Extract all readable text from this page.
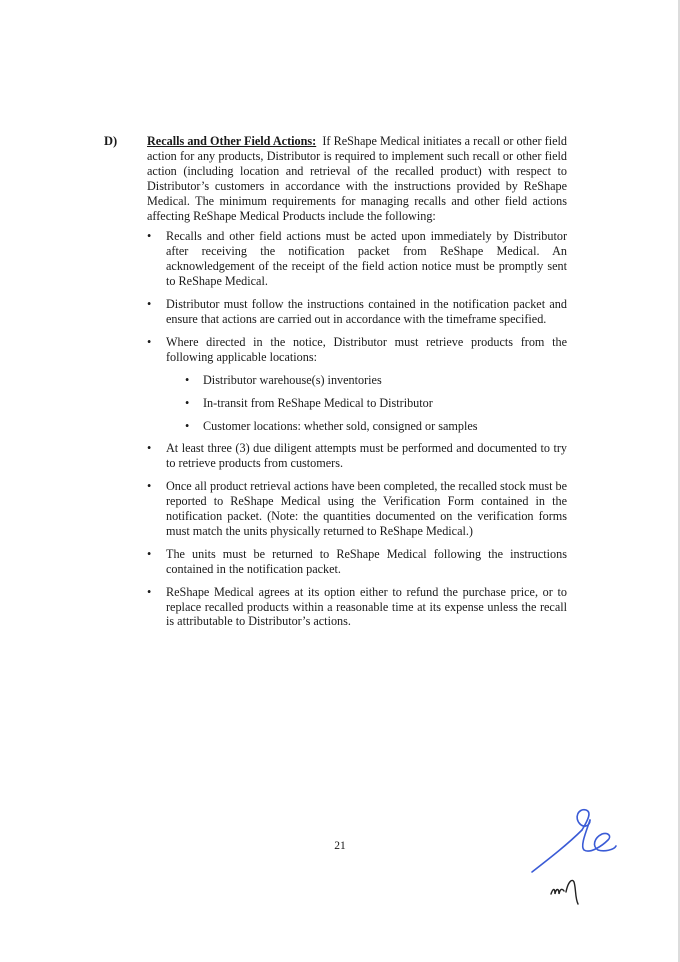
D) Recalls and Other Field Actions: If ReShape Medical initiates a recall or other field action for any products, Distributor is required to implement such recall or other field action (including location and retrieval of the recalled product) with respect to Distributor’s customers in accordance with the instructions provided by ReShape Medical. The minimum requirements for managing recalls and other field actions affecting ReShape Medical Products include the following:

• Recalls and other field actions must be acted upon immediately by Distributor after receiving the notification packet from ReShape Medical. An acknowledgement of the receipt of the field action notice must be promptly sent to ReShape Medical.
• Distributor must follow the instructions contained in the notification packet and ensure that actions are carried out in accordance with the timeframe specified.
• Where directed in the notice, Distributor must retrieve products from the following applicable locations:
• Distributor warehouse(s) inventories
• In-transit from ReShape Medical to Distributor
• Customer locations: whether sold, consigned or samples
• At least three (3) due diligent attempts must be performed and documented to try to retrieve products from customers.
• Once all product retrieval actions have been completed, the recalled stock must be reported to ReShape Medical using the Verification Form contained in the notification packet. (Note: the quantities documented on the verification forms must match the units physically returned to ReShape Medical.)
• The units must be returned to ReShape Medical following the instructions contained in the notification packet.
• ReShape Medical agrees at its option either to refund the purchase price, or to replace recalled products within a reasonable time at its expense unless the recall is attributable to Distributor’s actions.
21
